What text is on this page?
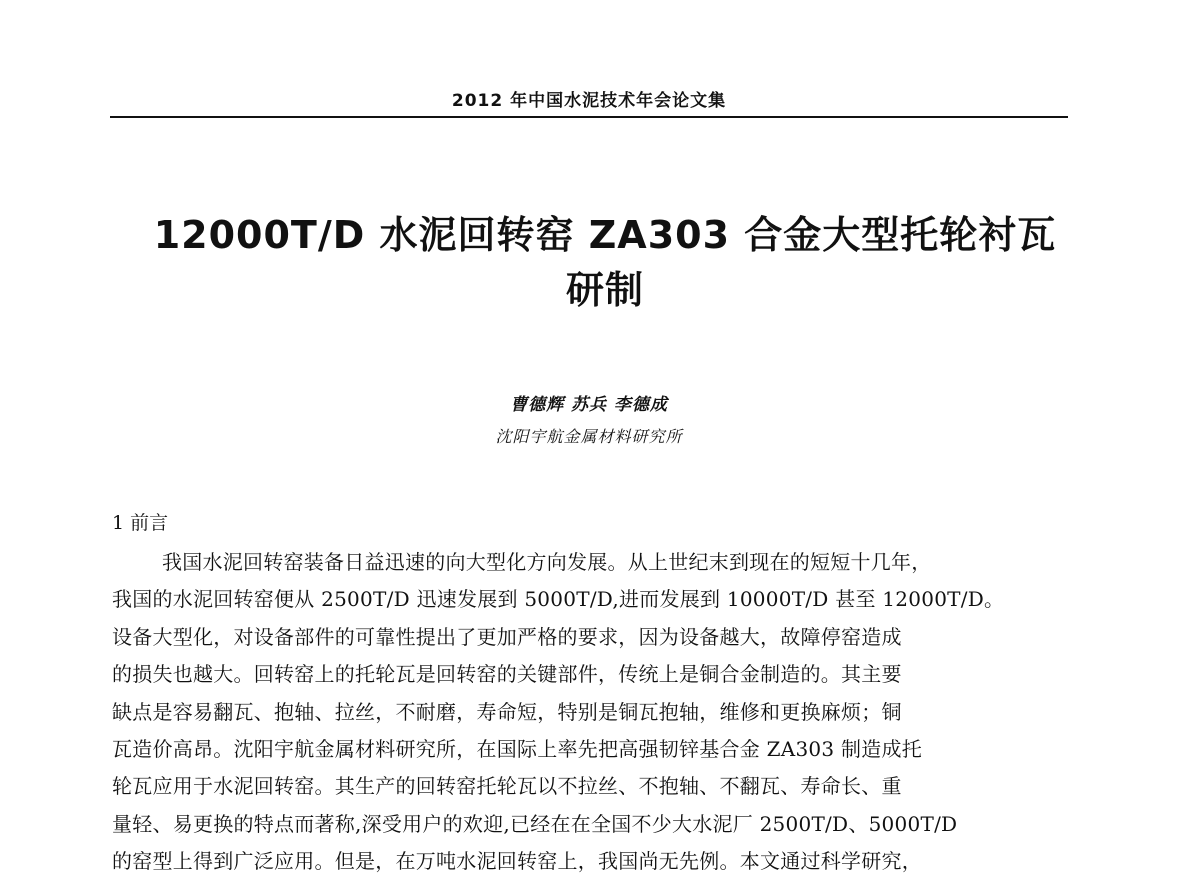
2012 年中国水泥技术年会论文集
12000T/D 水泥回转窑 ZA303 合金大型托轮衬瓦
研制
曹德辉 苏兵 李德成
沈阳宇航金属材料研究所
1 前言
我国水泥回转窑装备日益迅速的向大型化方向发展。从上世纪末到现在的短短十几年，
我国的水泥回转窑便从 2500T/D 迅速发展到 5000T/D,进而发展到 10000T/D 甚至 12000T/D。
设备大型化，对设备部件的可靠性提出了更加严格的要求，因为设备越大，故障停窑造成
的损失也越大。回转窑上的托轮瓦是回转窑的关键部件，传统上是铜合金制造的。其主要
缺点是容易翻瓦、抱轴、拉丝，不耐磨，寿命短，特别是铜瓦抱轴，维修和更换麻烦；铜
瓦造价高昂。沈阳宇航金属材料研究所，在国际上率先把高强韧锌基合金 ZA303 制造成托
轮瓦应用于水泥回转窑。其生产的回转窑托轮瓦以不拉丝、不抱轴、不翻瓦、寿命长、重
量轻、易更换的特点而著称,深受用户的欢迎,已经在在全国不少大水泥厂 2500T/D、5000T/D
的窑型上得到广泛应用。但是，在万吨水泥回转窑上，我国尚无先例。本文通过科学研究，
